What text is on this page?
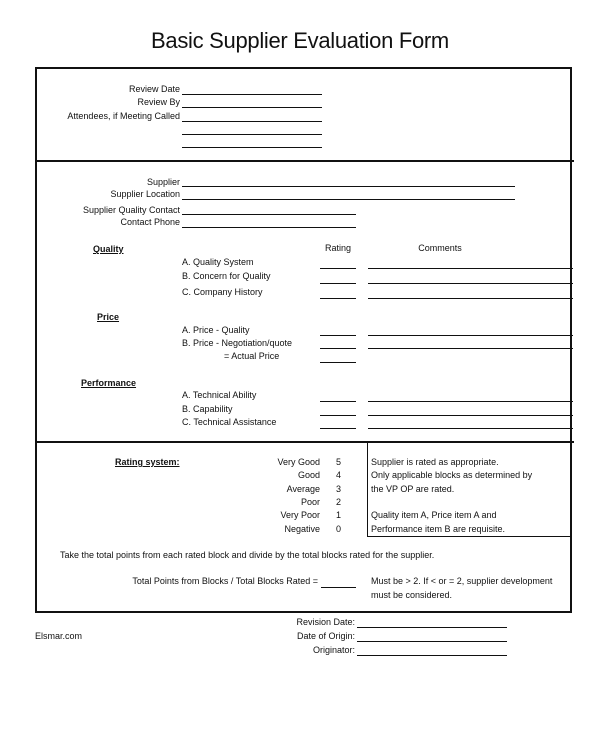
Basic Supplier Evaluation Form
Review Date
Review By
Attendees, if Meeting Called
Supplier
Supplier Location
Supplier Quality Contact
Contact Phone
Rating	Comments
Quality
A. Quality System
B. Concern for Quality
C. Company History
Price
A. Price - Quality
B. Price - Negotiation/quote
= Actual Price
Performance
A. Technical Ability
B. Capability
C. Technical Assistance
Rating system:	Very Good 5
Good 4
Average 3
Poor 2
Very Poor 1
Negative 0
Supplier is rated as appropriate.
Only applicable blocks as determined by
the VP OP are rated.
Quality item A, Price item A and
Performance item B are requisite.
Take the total points from each rated block and divide by the total blocks rated for the supplier.
Total Points from Blocks / Total Blocks Rated =	Must be > 2. If < or = 2, supplier development
must be considered.
Elsmar.com
Revision Date:
Date of Origin:
Originator:
